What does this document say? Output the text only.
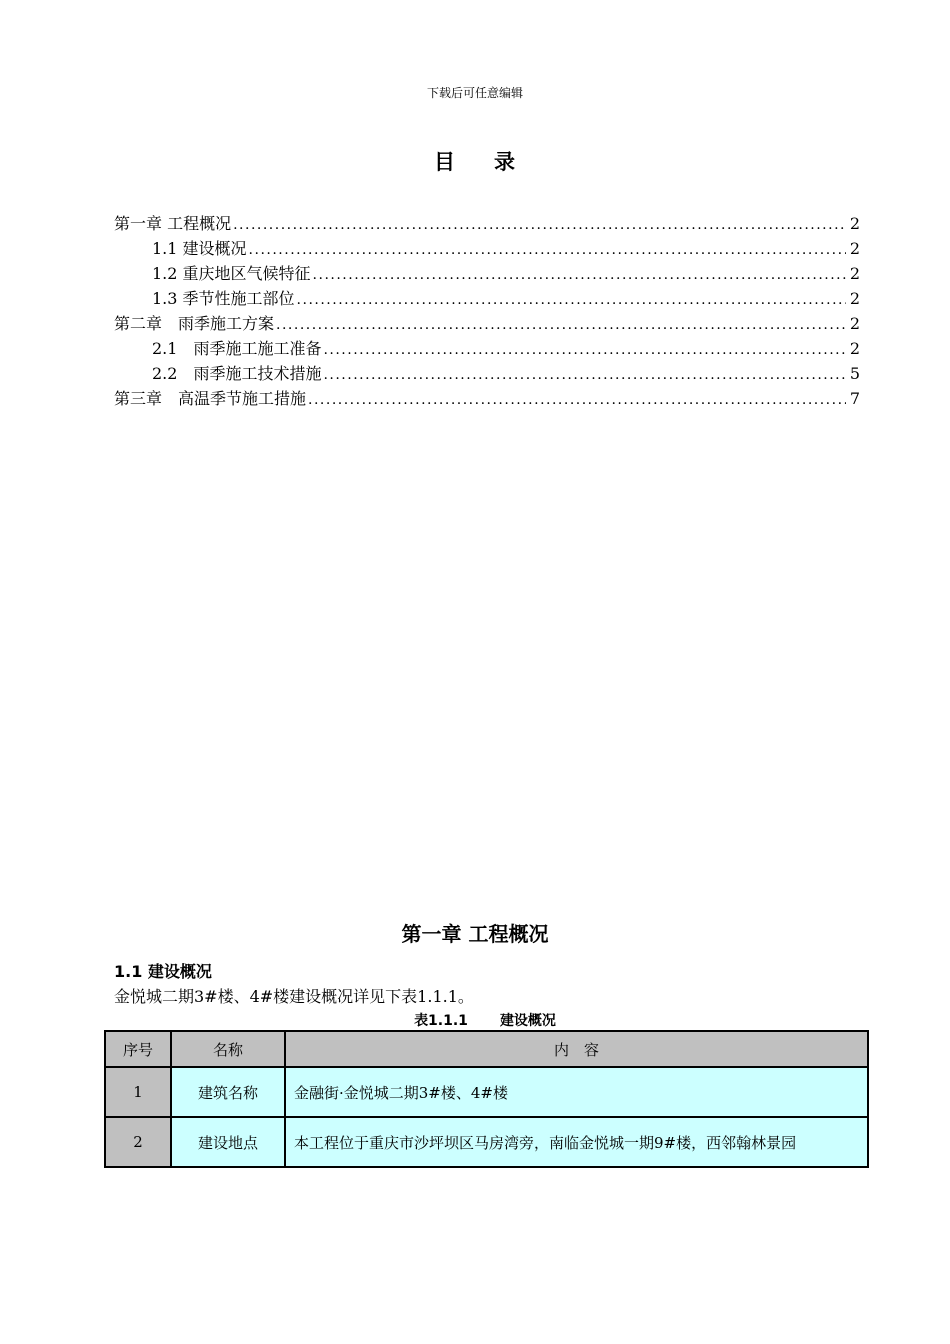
下载后可任意编辑
目 录
第一章 工程概况 .....	2
1.1 建设概况 .....	2
1.2 重庆地区气候特征 .....	2
1.3 季节性施工部位 .....	2
第二章　雨季施工方案 .....	2
2.1　雨季施工施工准备 .....	2
2.2　雨季施工技术措施 .....	5
第三章　高温季节施工措施 .....	7
第一章 工程概况
1.1 建设概况
金悦城二期3#楼、4#楼建设概况详见下表1.1.1。
表1.1.1 建设概况
序号	名称	内　容
1	建筑名称	金融街·金悦城二期3#楼、4#楼
2	建设地点	本工程位于重庆市沙坪坝区马房湾旁，南临金悦城一期9#楼，西邻翰林景园
